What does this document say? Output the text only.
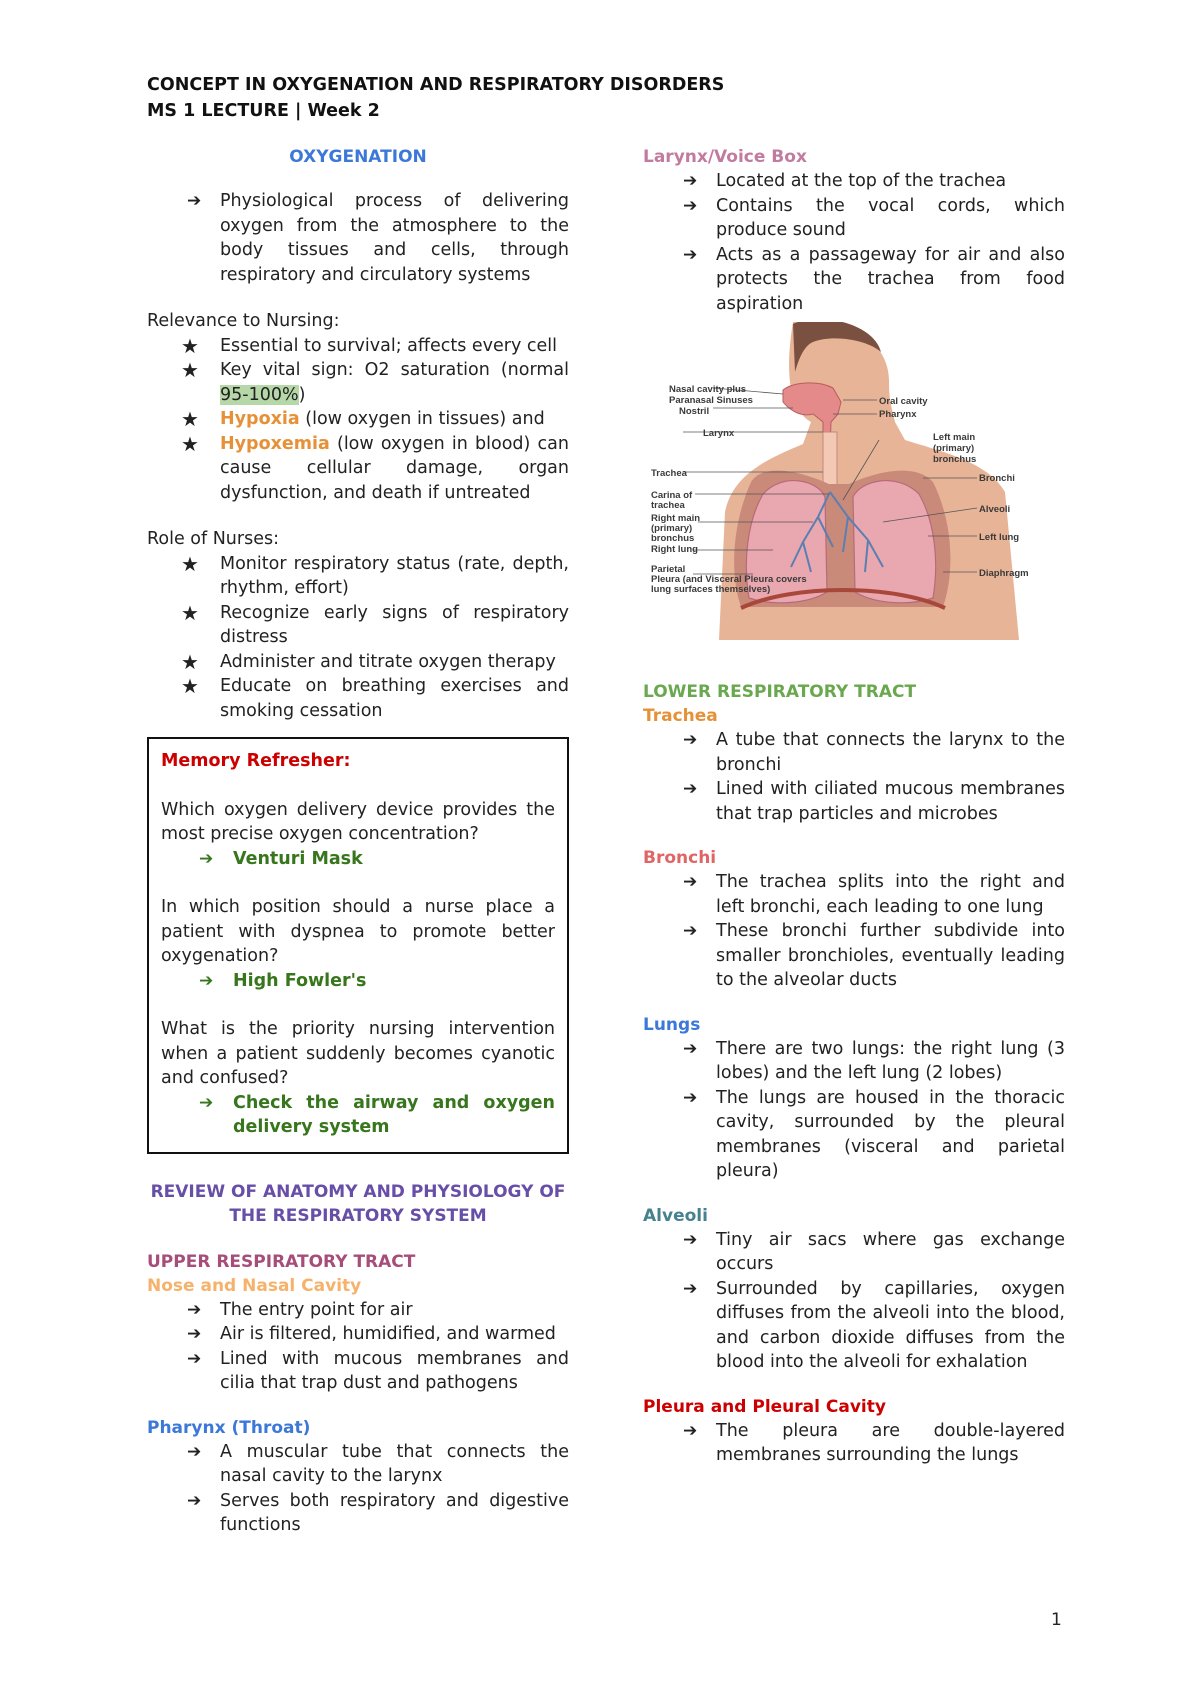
CONCEPT IN OXYGENATION AND RESPIRATORY DISORDERS
MS 1 LECTURE | Week 2
OXYGENATION
➔ Physiological process of delivering oxygen from the atmosphere to the body tissues and cells, through respiratory and circulatory systems
Relevance to Nursing:
★ Essential to survival; affects every cell
★ Key vital sign: O2 saturation (normal 95-100%)
★ Hypoxia (low oxygen in tissues) and
★ Hypoxemia (low oxygen in blood) can cause cellular damage, organ dysfunction, and death if untreated
Role of Nurses:
★ Monitor respiratory status (rate, depth, rhythm, effort)
★ Recognize early signs of respiratory distress
★ Administer and titrate oxygen therapy
★ Educate on breathing exercises and smoking cessation
Memory Refresher:
Which oxygen delivery device provides the most precise oxygen concentration?
➔ Venturi Mask
In which position should a nurse place a patient with dyspnea to promote better oxygenation?
➔ High Fowler's
What is the priority nursing intervention when a patient suddenly becomes cyanotic and confused?
➔ Check the airway and oxygen delivery system
REVIEW OF ANATOMY AND PHYSIOLOGY OF THE RESPIRATORY SYSTEM
UPPER RESPIRATORY TRACT
Nose and Nasal Cavity
➔ The entry point for air
➔ Air is filtered, humidified, and warmed
➔ Lined with mucous membranes and cilia that trap dust and pathogens
Pharynx (Throat)
➔ A muscular tube that connects the nasal cavity to the larynx
➔ Serves both respiratory and digestive functions
Larynx/Voice Box
➔ Located at the top of the trachea
➔ Contains the vocal cords, which produce sound
➔ Acts as a passageway for air and also protects the trachea from food aspiration
Nasal cavity plus
Paranasal Sinuses
Nostril
Larynx
Trachea
Carina of
trachea
Right main
(primary)
bronchus
Right lung
Parietal
Pleura (and Visceral Pleura covers
lung surfaces themselves)
Oral cavity
Pharynx
Left main
(primary)
bronchus
Bronchi
Alveoli
Left lung
Diaphragm
LOWER RESPIRATORY TRACT
Trachea
➔ A tube that connects the larynx to the bronchi
➔ Lined with ciliated mucous membranes that trap particles and microbes
Bronchi
➔ The trachea splits into the right and left bronchi, each leading to one lung
➔ These bronchi further subdivide into smaller bronchioles, eventually leading to the alveolar ducts
Lungs
➔ There are two lungs: the right lung (3 lobes) and the left lung (2 lobes)
➔ The lungs are housed in the thoracic cavity, surrounded by the pleural membranes (visceral and parietal pleura)
Alveoli
➔ Tiny air sacs where gas exchange occurs
➔ Surrounded by capillaries, oxygen diffuses from the alveoli into the blood, and carbon dioxide diffuses from the blood into the alveoli for exhalation
Pleura and Pleural Cavity
➔ The pleura are double-layered membranes surrounding the lungs
1
